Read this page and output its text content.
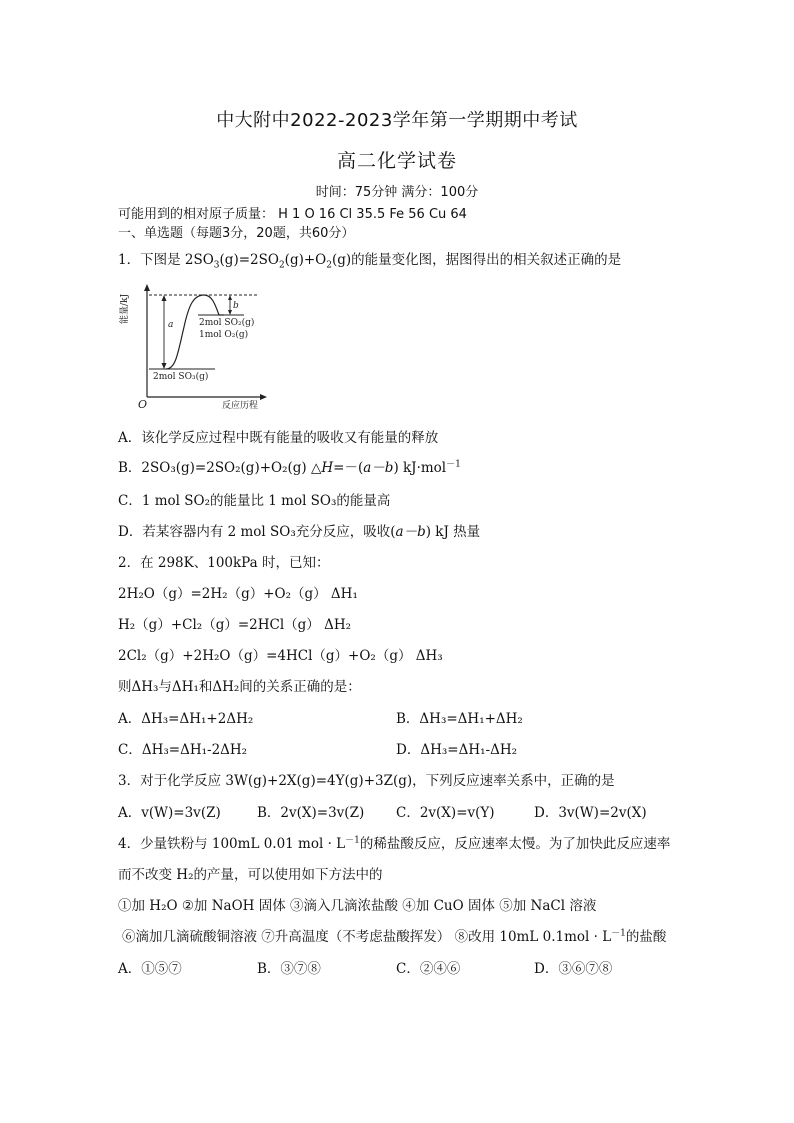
中大附中2022-2023学年第一学期期中考试
高二化学试卷
时间：75分钟 满分：100分
可能用到的相对原子质量： H 1 O 16 Cl 35.5 Fe 56 Cu 64
一、单选题（每题3分，20题，共60分）
1．下图是 $2SO_3(g)=2SO_2(g)+O_2(g)$的能量变化图，据图得出的相关叙述正确的是
能量/kJ
反应历程
O
a
b
2mol SO₂(g)
1mol O₂(g)
2mol SO₃(g)
A．该化学反应过程中既有能量的吸收又有能量的释放
B．2SO₃(g)=2SO₂(g)+O₂(g) △H=－(a－b) kJ·mol$^{-1}$
C．1 mol SO₂的能量比 1 mol SO₃的能量高
D．若某容器内有 2 mol SO₃充分反应，吸收(a－b) kJ 热量
2．在 298K、100kPa 时，已知：
2H₂O（g）=2H₂（g）+O₂（g） ΔH₁
H₂（g）+Cl₂（g）=2HCl（g） ΔH₂
2Cl₂（g）+2H₂O（g）=4HCl（g）+O₂（g） ΔH₃
则ΔH₃与ΔH₁和ΔH₂间的关系正确的是：
A．ΔH₃=ΔH₁+2ΔH₂	B．ΔH₃=ΔH₁+ΔH₂
C．ΔH₃=ΔH₁-2ΔH₂	D．ΔH₃=ΔH₁-ΔH₂
3．对于化学反应 3W(g)+2X(g)=4Y(g)+3Z(g)，下列反应速率关系中，正确的是
A．v(W)=3v(Z)	B．2v(X)=3v(Z) C．2v(X)=v(Y)	D．3v(W)=2v(X)
4．少量铁粉与 100mL 0.01 mol · $L^{-1}$的稀盐酸反应，反应速率太慢。为了加快此反应速率
而不改变 H₂的产量，可以使用如下方法中的
①加 H₂O ②加 NaOH 固体 ③滴入几滴浓盐酸 ④加 CuO 固体 ⑤加 NaCl 溶液
⑥滴加几滴硫酸铜溶液 ⑦升高温度（不考虑盐酸挥发） ⑧改用 10mL $0.1mol \cdot L^{-1}$的盐酸
A．①⑤⑦	B．③⑦⑧	C．②④⑥	D．③⑥⑦⑧
